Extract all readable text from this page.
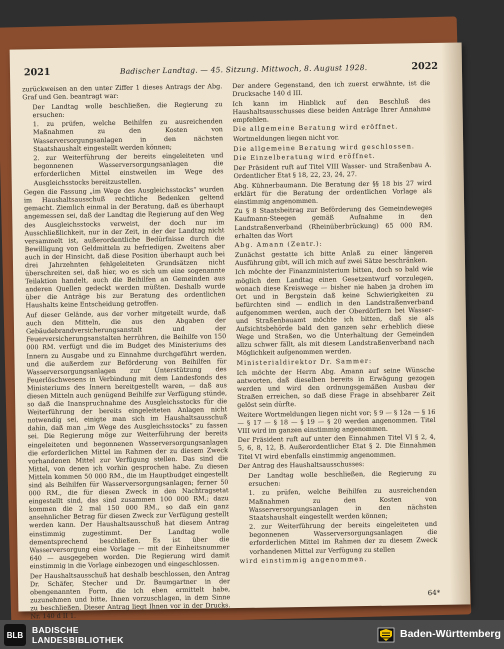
2021	Badischer Landtag. — 45. Sitzung. Mittwoch, 8. August 1928.	2022

zurückweisen an den unter Ziffer 1 dieses Antrags der Abg. Graf und Gen. beantragt war:

Der Landtag wolle beschließen, die Regierung zu ersuchen:

1. zu prüfen, welche Beihilfen zu ausreichenden Maßnahmen zu den Kosten von Wasserversorgungsanlagen in den nächsten Staatshaushalt eingestellt werden können;

2. zur Weiterführung der bereits eingeleiteten und begonnenen Wasserversorgungsanlagen die erforderlichen Mittel einstweilen im Wege des Ausgleichsstocks bereitzustellen.

Gegen die Fassung „im Wege des Ausgleichsstocks“ wurden im Haushaltsausschuß rechtliche Bedenken geltend gemacht. Ziemlich einmal in der Beratung, daß es überhaupt angemessen sei, daß der Landtag die Regierung auf den Weg des Ausgleichsstocks verweist, der doch nur im Ausschließlichkeit, nur in der Zeit, in der der Landtag nicht versammelt ist, außerordentliche Bedürfnisse durch die Bewilligung von Geldmitteln zu befriedigen. Zweitens aber auch in der Hinsicht, daß diese Position überhaupt auch bei drei Jahrzehnten fehlgeleiteten Grundsätzen nicht überschreiten sei, daß hier, wo es sich um eine sogenannte Teilaktion handelt, auch die Beihilfen an Gemeinden aus anderen Quellen gedeckt werden müßten. Deshalb wurde über die Anträge bis zur Beratung des ordentlichen Haushalts keine Entscheidung getroffen.

Auf dieser Gelände, aus der vorher mitgeteilt wurde, daß auch den Mitteln, die aus den Abgaben der Gebäudebrandversicherungsanstalt und der Feuerversicherungsanstalten herrühren, die Beihilfe von 150 000 RM. verfügt und die im Budget des Ministeriums des Innern zu Ausgabe und zu Einnahme durchgeführt werden, und die außerdem zur Beförderung von Beihilfen für Wasserversorgungsanlagen zur Unterstützung des Feuerlöschwesens in Verbindung mit dem Landesfonds des Ministeriums des Innern bereitgestellt waren, — daß aus diesen Mitteln auch genügend Beihilfe zur Verfügung stünde, so daß die Inanspruchnahme des Ausgleichsstocks für die Weiterführung der bereits eingeleiteten Anlagen nicht notwendig sei, einigte man sich im Haushaltsausschuß dahin, daß man „im Wege des Ausgleichsstocks“ zu fassen sei. Die Regierung möge zur Weiterführung der bereits eingeleiteten und begonnenen Wasserversorgungsanlagen die erforderlichen Mittel im Rahmen der zu diesem Zweck vorhandenen Mittel zur Verfügung stellen. Das sind die Mittel, von denen ich vorhin gesprochen habe. Zu diesen Mitteln kommen 50 000 RM., die im Hauptbudget eingestellt sind als Beihilfen für Wasserversorgungsanlagen; ferner 50 000 RM., die für diesen Zweck in den Nachtragsetat eingestellt sind, das sind zusammen 100 000 RM.; dazu kommen die 2 mal 150 000 RM., so daß ein ganz ansehnlicher Betrag für diesen Zweck zur Verfügung gestellt werden kann. Der Haushaltsausschuß hat diesem Antrag einstimmig zugestimmt. Der Landtag wolle dementsprechend beschließen. Es ist über die Wasserversorgung eine Vorlage — mit der Einheitsnummer 640 — ausgegeben worden. Die Regierung wird damit einstimmig in die Vorlage einbezogen und eingeschlossen.

Der Haushaltsausschuß hat deshalb beschlossen, den Antrag Dr. Schäfer, Stecher und Dr. Baumgartner in der obengenannten Form, die ich eben ermittelt habe, zuzunehmen und bitte, Ihnen vorzuschlagen, in dem Sinne zu beschließen. Dieser Antrag liegt Ihnen vor in der Drucks. Nr. 140 d II 1.

Der andere Gegenstand, den ich zuerst erwähnte, ist die Drucksache 140 d III.

Ich kann im Hinblick auf den Beschluß des Haushaltsausschusses diese beiden Anträge Ihrer Annahme empfehlen.

Die allgemeine Beratung wird eröffnet.

Wortmeldungen liegen nicht vor.

Die allgemeine Beratung wird geschlossen.

Die Einzelberatung wird eröffnet.

Der Präsident ruft auf Titel VIII Wasser- und Straßenbau A. Ordentlicher Etat § 18, 22, 23, 24, 27.

Abg. Kühnerbaumann. Die Beratung der §§ 18 bis 27 wird erklärt für die Beratung der ordentlichen Vorlage als einstimmig angenommen.

Zu § 8 Staatsbeitrag zur Beförderung des Gemeindeweges Kaufmann-Steegen gemäß Aufnahme in den Landstraßenverband (Rheinüberbrückung) 65 000 RM. erhalten das Wort

Abg. Amann (Zentr.):

Zunächst gestatte ich bitte Anlaß zu einer längeren Ausführung gibt, will ich mich auf zwei Sätze beschränken.

Ich möchte der Finanzministerium bitten, doch so bald wie möglich dem Landtag einen Gesetzentwurf vorzulegen, wonach diese Kreiswege — bisher nie haben ja drohen im Ort und in Bergstein daß keine Schwierigkeiten zu befürchten sind — endlich in den Landstraßenverband aufgenommen werden, auch der Oberdörflern bei Wasser- und Straßenbauamt möchte ich bitten, daß sie als Aufsichtsbehörde bald den ganzen sehr erheblich diese Wege und Straßen, wo die Unterhaltung der Gemeinden allzu schwer fällt, als mit diesem Landstraßenverband nach Möglichkeit aufgenommen werden.

Ministerialdirektor Dr. Sammer:

Ich möchte der Herrn Abg. Amann auf seine Wünsche antworten, daß dieselben bereits in Erwägung gezogen werden und wird den ordnungsgemäßen Ausbau der Straßen erreichen, so daß diese Frage in absehbarer Zeit gelöst sein dürfte.

Weitere Wortmeldungen liegen nicht vor; § 9 — § 12a — § 16 — § 17 — § 18 — § 19 — § 20 werden angenommen. Titel VIII wird im ganzen einstimmig angenommen.

Der Präsident ruft auf unter den Einnahmen Titel VI § 2, 4, 5, 6, 8, 12, B. Außerordentlicher Etat § 2. Die Einnahmen Titel VI wird ebenfalls einstimmig angenommen.

Der Antrag des Haushaltsausschusses:

Der Landtag wolle beschließen, die Regierung zu ersuchen:

1. zu prüfen, welche Beihilfen zu ausreichenden Maßnahmen zu den Kosten von Wasserversorgungsanlagen in den nächsten Staatshaushalt eingestellt werden können;

2. zur Weiterführung der bereits eingeleiteten und begonnenen Wasserversorgungsanlagen die erforderlichen Mittel im Rahmen der zu diesem Zweck vorhandenen Mittel zur Verfügung zu stellen

wird einstimmig angenommen.

64*
BLB	BADISCHE
LANDESBIBLIOTHEK	Baden-Württemberg
